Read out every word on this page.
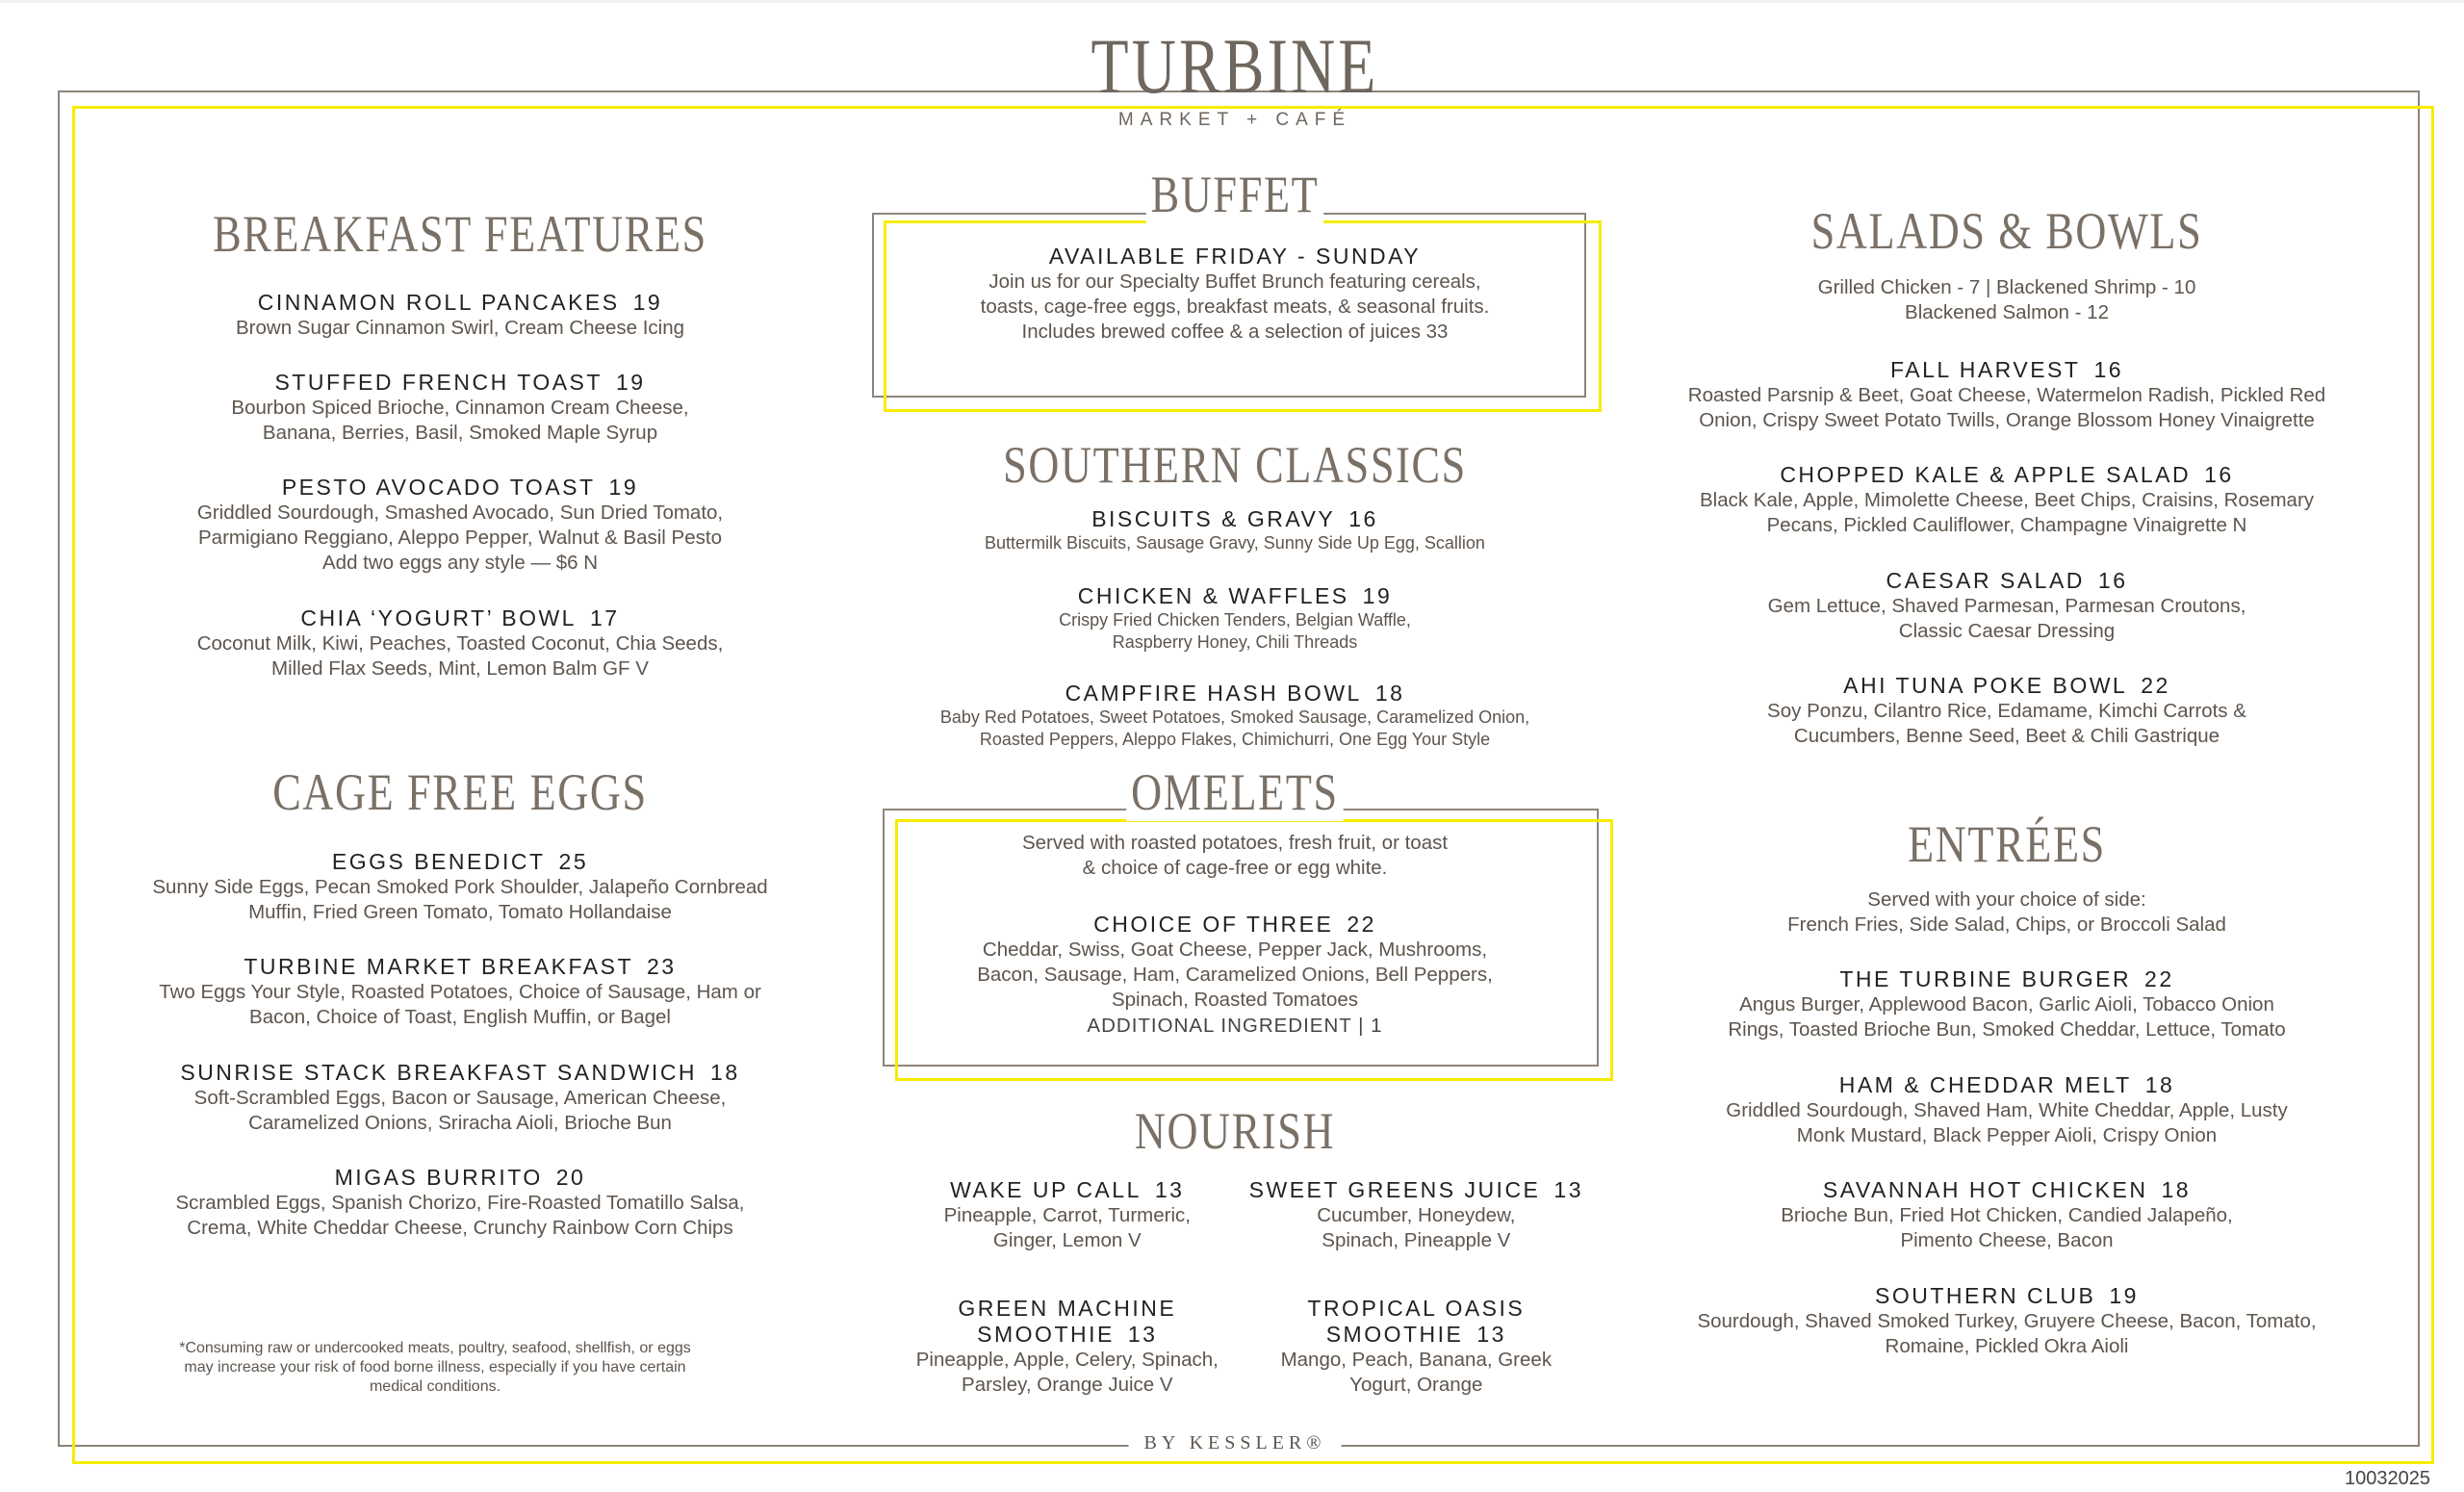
TURBINE
MARKET + CAFÉ
BREAKFAST FEATURES
CINNAMON ROLL PANCAKES 19
Brown Sugar Cinnamon Swirl, Cream Cheese Icing
STUFFED FRENCH TOAST 19
Bourbon Spiced Brioche, Cinnamon Cream Cheese,
Banana, Berries, Basil, Smoked Maple Syrup
PESTO AVOCADO TOAST 19
Griddled Sourdough, Smashed Avocado, Sun Dried Tomato,
Parmigiano Reggiano, Aleppo Pepper, Walnut & Basil Pesto
Add two eggs any style — $6 N
CHIA ‘YOGURT’ BOWL 17
Coconut Milk, Kiwi, Peaches, Toasted Coconut, Chia Seeds,
Milled Flax Seeds, Mint, Lemon Balm GF V
CAGE FREE EGGS
EGGS BENEDICT 25
Sunny Side Eggs, Pecan Smoked Pork Shoulder, Jalapeño Cornbread
Muffin, Fried Green Tomato, Tomato Hollandaise
TURBINE MARKET BREAKFAST 23
Two Eggs Your Style, Roasted Potatoes, Choice of Sausage, Ham or
Bacon, Choice of Toast, English Muffin, or Bagel
SUNRISE STACK BREAKFAST SANDWICH 18
Soft-Scrambled Eggs, Bacon or Sausage, American Cheese,
Caramelized Onions, Sriracha Aioli, Brioche Bun
MIGAS BURRITO 20
Scrambled Eggs, Spanish Chorizo, Fire-Roasted Tomatillo Salsa,
Crema, White Cheddar Cheese, Crunchy Rainbow Corn Chips
*Consuming raw or undercooked meats, poultry, seafood, shellfish, or eggs
may increase your risk of food borne illness, especially if you have certain
medical conditions.
BUFFET
AVAILABLE FRIDAY - SUNDAY
Join us for our Specialty Buffet Brunch featuring cereals,
toasts, cage-free eggs, breakfast meats, & seasonal fruits.
Includes brewed coffee & a selection of juices 33
SOUTHERN CLASSICS
BISCUITS & GRAVY 16
Buttermilk Biscuits, Sausage Gravy, Sunny Side Up Egg, Scallion
CHICKEN & WAFFLES 19
Crispy Fried Chicken Tenders, Belgian Waffle,
Raspberry Honey, Chili Threads
CAMPFIRE HASH BOWL 18
Baby Red Potatoes, Sweet Potatoes, Smoked Sausage, Caramelized Onion,
Roasted Peppers, Aleppo Flakes, Chimichurri, One Egg Your Style
OMELETS
Served with roasted potatoes, fresh fruit, or toast
& choice of cage-free or egg white.
CHOICE OF THREE 22
Cheddar, Swiss, Goat Cheese, Pepper Jack, Mushrooms,
Bacon, Sausage, Ham, Caramelized Onions, Bell Peppers,
Spinach, Roasted Tomatoes
ADDITIONAL INGREDIENT | 1
NOURISH
WAKE UP CALL 13
Pineapple, Carrot, Turmeric,
Ginger, Lemon V
SWEET GREENS JUICE 13
Cucumber, Honeydew,
Spinach, Pineapple V
GREEN MACHINE	TROPICAL OASIS
SMOOTHIE 13
Pineapple, Apple, Celery, Spinach,
Parsley, Orange Juice V
SMOOTHIE 13
Mango, Peach, Banana, Greek
Yogurt, Orange
SALADS & BOWLS
Grilled Chicken - 7 | Blackened Shrimp - 10
Blackened Salmon - 12
FALL HARVEST 16
Roasted Parsnip & Beet, Goat Cheese, Watermelon Radish, Pickled Red
Onion, Crispy Sweet Potato Twills, Orange Blossom Honey Vinaigrette
CHOPPED KALE & APPLE SALAD 16
Black Kale, Apple, Mimolette Cheese, Beet Chips, Craisins, Rosemary
Pecans, Pickled Cauliflower, Champagne Vinaigrette N
CAESAR SALAD 16
Gem Lettuce, Shaved Parmesan, Parmesan Croutons,
Classic Caesar Dressing
AHI TUNA POKE BOWL 22
Soy Ponzu, Cilantro Rice, Edamame, Kimchi Carrots &
Cucumbers, Benne Seed, Beet & Chili Gastrique
ENTRÉES
Served with your choice of side:
French Fries, Side Salad, Chips, or Broccoli Salad
THE TURBINE BURGER 22
Angus Burger, Applewood Bacon, Garlic Aioli, Tobacco Onion
Rings, Toasted Brioche Bun, Smoked Cheddar, Lettuce, Tomato
HAM & CHEDDAR MELT 18
Griddled Sourdough, Shaved Ham, White Cheddar, Apple, Lusty
Monk Mustard, Black Pepper Aioli, Crispy Onion
SAVANNAH HOT CHICKEN 18
Brioche Bun, Fried Hot Chicken, Candied Jalapeño,
Pimento Cheese, Bacon
SOUTHERN CLUB 19
Sourdough, Shaved Smoked Turkey, Gruyere Cheese, Bacon, Tomato,
Romaine, Pickled Okra Aioli
BY KESSLER®
10032025
